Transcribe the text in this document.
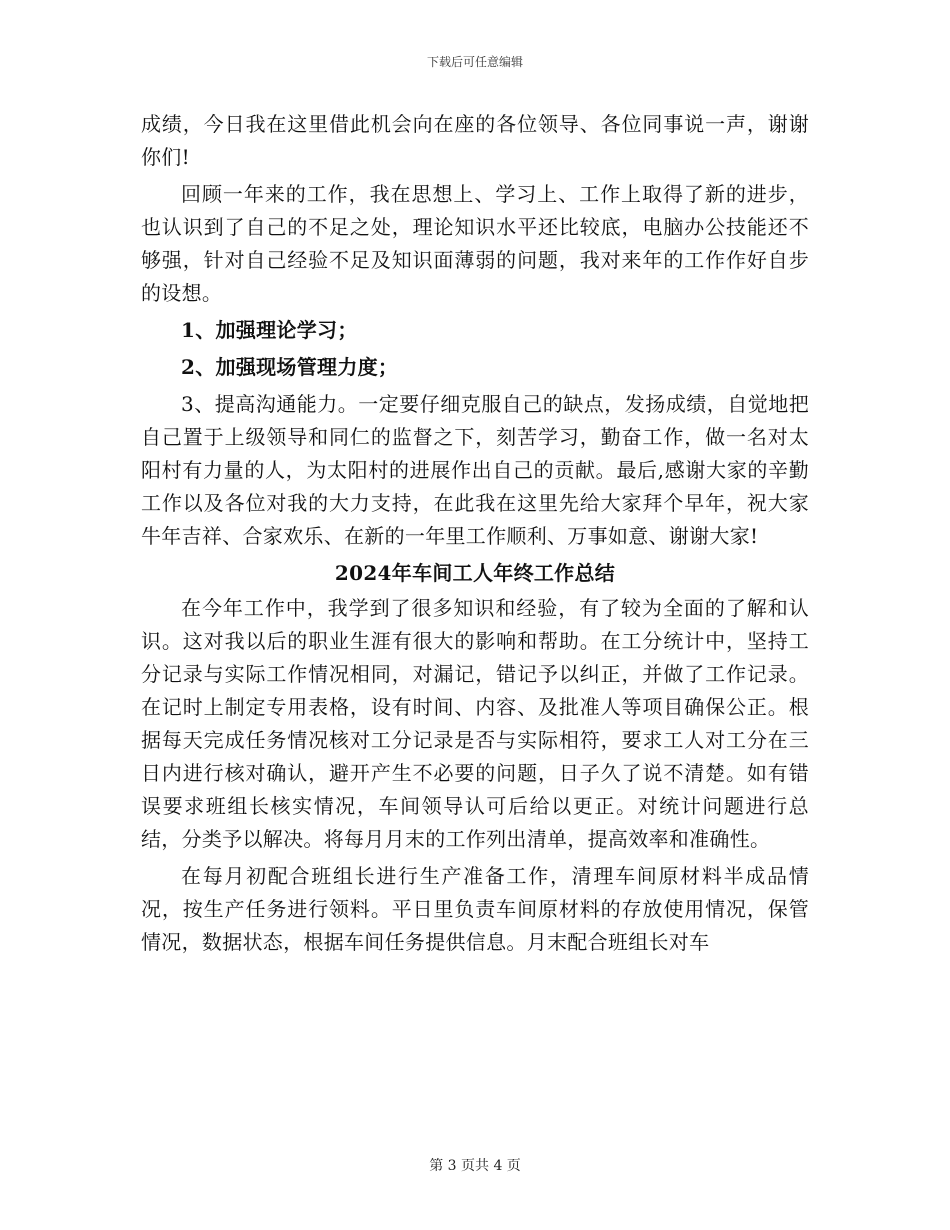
下载后可任意编辑

成绩，今日我在这里借此机会向在座的各位领导、各位同事说一声，谢谢你们!

回顾一年来的工作，我在思想上、学习上、工作上取得了新的进步，也认识到了自己的不足之处，理论知识水平还比较底，电脑办公技能还不够强，针对自己经验不足及知识面薄弱的问题，我对来年的工作作好自步的设想。

1、加强理论学习；

2、加强现场管理力度；

3、提高沟通能力。一定要仔细克服自己的缺点，发扬成绩，自觉地把自己置于上级领导和同仁的监督之下，刻苦学习，勤奋工作，做一名对太阳村有力量的人，为太阳村的进展作出自己的贡献。最后,感谢大家的辛勤工作以及各位对我的大力支持，在此我在这里先给大家拜个早年，祝大家牛年吉祥、合家欢乐、在新的一年里工作顺利、万事如意、谢谢大家!

2024年车间工人年终工作总结

在今年工作中，我学到了很多知识和经验，有了较为全面的了解和认识。这对我以后的职业生涯有很大的影响和帮助。在工分统计中，坚持工分记录与实际工作情况相同，对漏记，错记予以纠正，并做了工作记录。在记时上制定专用表格，设有时间、内容、及批准人等项目确保公正。根据每天完成任务情况核对工分记录是否与实际相符，要求工人对工分在三日内进行核对确认，避开产生不必要的问题，日子久了说不清楚。如有错误要求班组长核实情况，车间领导认可后给以更正。对统计问题进行总结，分类予以解决。将每月月末的工作列出清单，提高效率和准确性。

在每月初配合班组长进行生产准备工作，清理车间原材料半成品情况，按生产任务进行领料。平日里负责车间原材料的存放使用情况，保管情况，数据状态，根据车间任务提供信息。月末配合班组长对车

第 3 页共 4 页
